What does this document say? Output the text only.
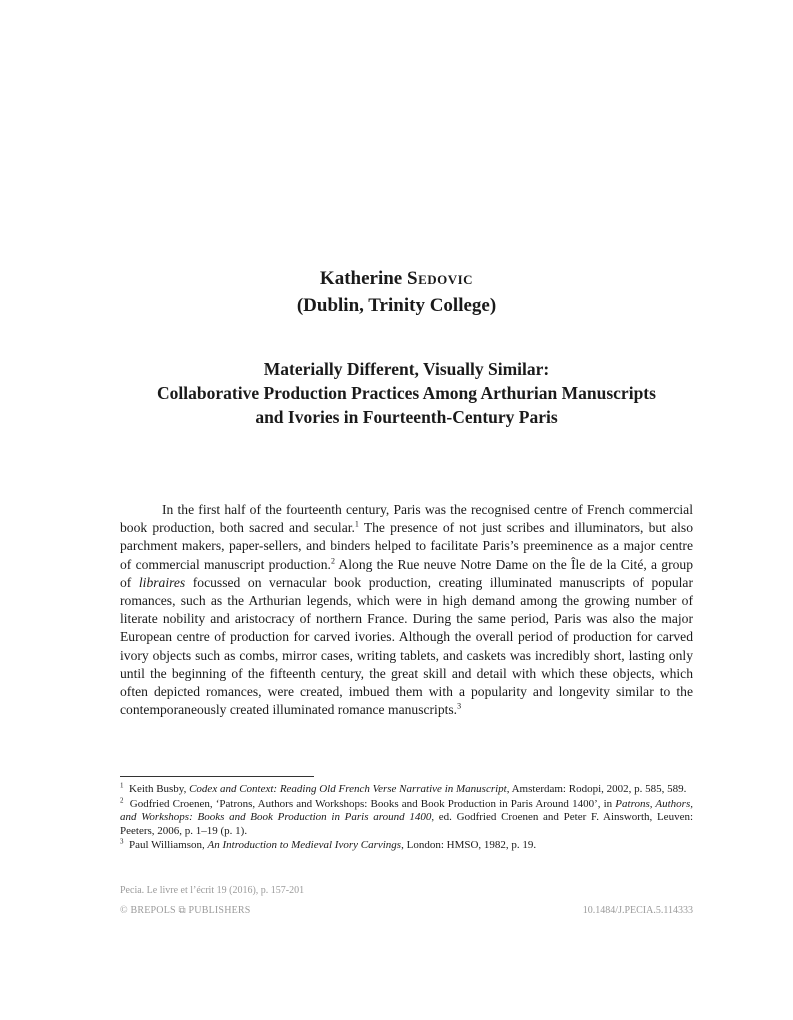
Katherine Sedovic
(Dublin, Trinity College)
Materially Different, Visually Similar:
Collaborative Production Practices Among Arthurian Manuscripts
and Ivories in Fourteenth-Century Paris

In the first half of the fourteenth century, Paris was the recognised centre of French commercial book production, both sacred and secular.$^1$ The presence of not just scribes and illuminators, but also parchment makers, paper-sellers, and binders helped to facilitate Paris’s preeminence as a major centre of commercial manuscript production.$^2$ Along the Rue neuve Notre Dame on the Île de la Cité, a group of libraires focussed on vernacular book production, creating illuminated manuscripts of popular romances, such as the Arthurian legends, which were in high demand among the growing number of literate nobility and aristocracy of northern France. During the same period, Paris was also the major European centre of production for carved ivories. Although the overall period of production for carved ivory objects such as combs, mirror cases, writing tablets, and caskets was incredibly short, lasting only until the beginning of the fifteenth century, the great skill and detail with which these objects, which often depicted romances, were created, imbued them with a popularity and longevity similar to the contemporaneously created illuminated romance manuscripts.$^3$

$^1$ Keith Busby, Codex and Context: Reading Old French Verse Narrative in Manuscript, Amsterdam: Rodopi, 2002, p. 585, 589.

$^2$ Godfried Croenen, ‘Patrons, Authors and Workshops: Books and Book Production in Paris Around 1400’, in Patrons, Authors, and Workshops: Books and Book Production in Paris around 1400, ed. Godfried Croenen and Peter F. Ainsworth, Leuven: Peeters, 2006, p. 1–19 (p. 1).

$^3$ Paul Williamson, An Introduction to Medieval Ivory Carvings, London: HMSO, 1982, p. 19.

Pecia. Le livre et l’écrit 19 (2016), p. 157-201
© BREPOLS ⧉ PUBLISHERS	10.1484/J.PECIA.5.114333
